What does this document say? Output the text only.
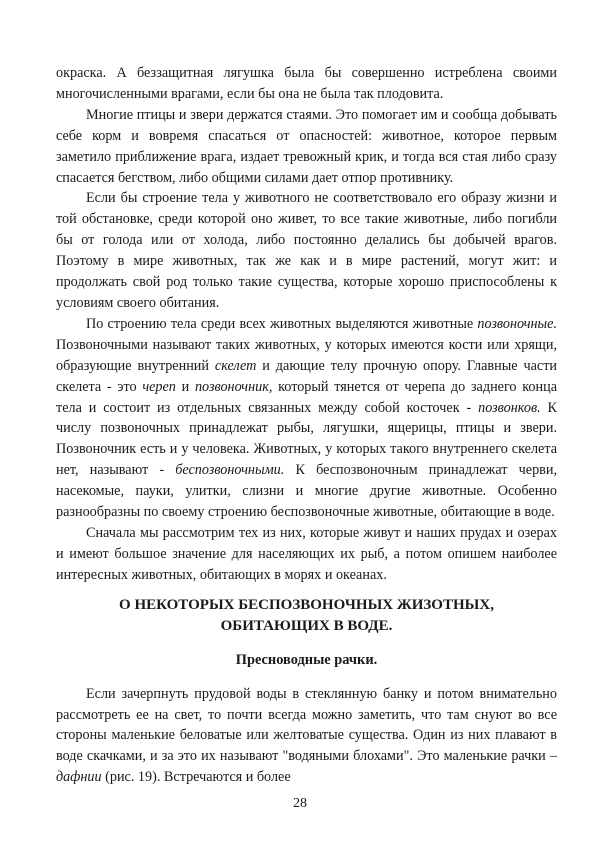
окраска. А беззащитная лягушка была бы совершенно истреблена своими многочисленными врагами, если бы она не была так плодовита.

Многие птицы и звери держатся стаями. Это помогает им и сообща добывать себе корм и вовремя спасаться от опасностей: животное, которое первым заметило приближение врага, издает тревожный крик, и тогда вся стая либо сразу спасается бегством, либо общими силами дает отпор противнику.

Если бы строение тела у животного не соответствовало его образу жизни и той обстановке, среди которой оно живет, то все такие животные, либо погибли бы от голода или от холода, либо постоянно делались бы добычей врагов. Поэтому в мире животных, так же как и в мире растений, могут жит: и продолжать свой род только такие существа, которые хорошо приспособлены к условиям своего обитания.

По строению тела среди всех животных выделяются животные позвоночные. Позвоночными называют таких животных, у которых имеются кости или хрящи, образующие внутренний скелет и дающие телу прочную опору. Главные части скелета - это череп и позвоночник, который тянется от черепа до заднего конца тела и состоит из отдельных связанных между собой косточек - позвонков. К числу позвоночных принадлежат рыбы, лягушки, ящерицы, птицы и звери. Позвоночник есть и у человека. Животных, у которых такого внутреннего скелета нет, называют - беспозвоночными. К беспозвоночным принадлежат черви, насекомые, пауки, улитки, слизни и многие другие животные. Особенно разнообразны по своему строению беспозвоночные животные, обитающие в воде.

Сначала мы рассмотрим тех из них, которые живут и наших прудах и озерах и имеют большое значение для населяющих их рыб, а потом опишем наиболее интересных животных, обитающих в морях и океанах.

О НЕКОТОРЫХ БЕСПОЗВОНОЧНЫХ ЖИЗОТНЫХ,
ОБИТАЮЩИХ В ВОДЕ.
Пресноводные рачки.

Если зачерпнуть прудовой воды в стеклянную банку и потом внимательно рассмотреть ее на свет, то почти всегда можно заметить, что там снуют во все стороны маленькие беловатые или желтоватые существа. Один из них плавают в воде скачками, и за это их называют "водяными блохами". Это маленькие рачки – дафнии (рис. 19). Встречаются и более

28
